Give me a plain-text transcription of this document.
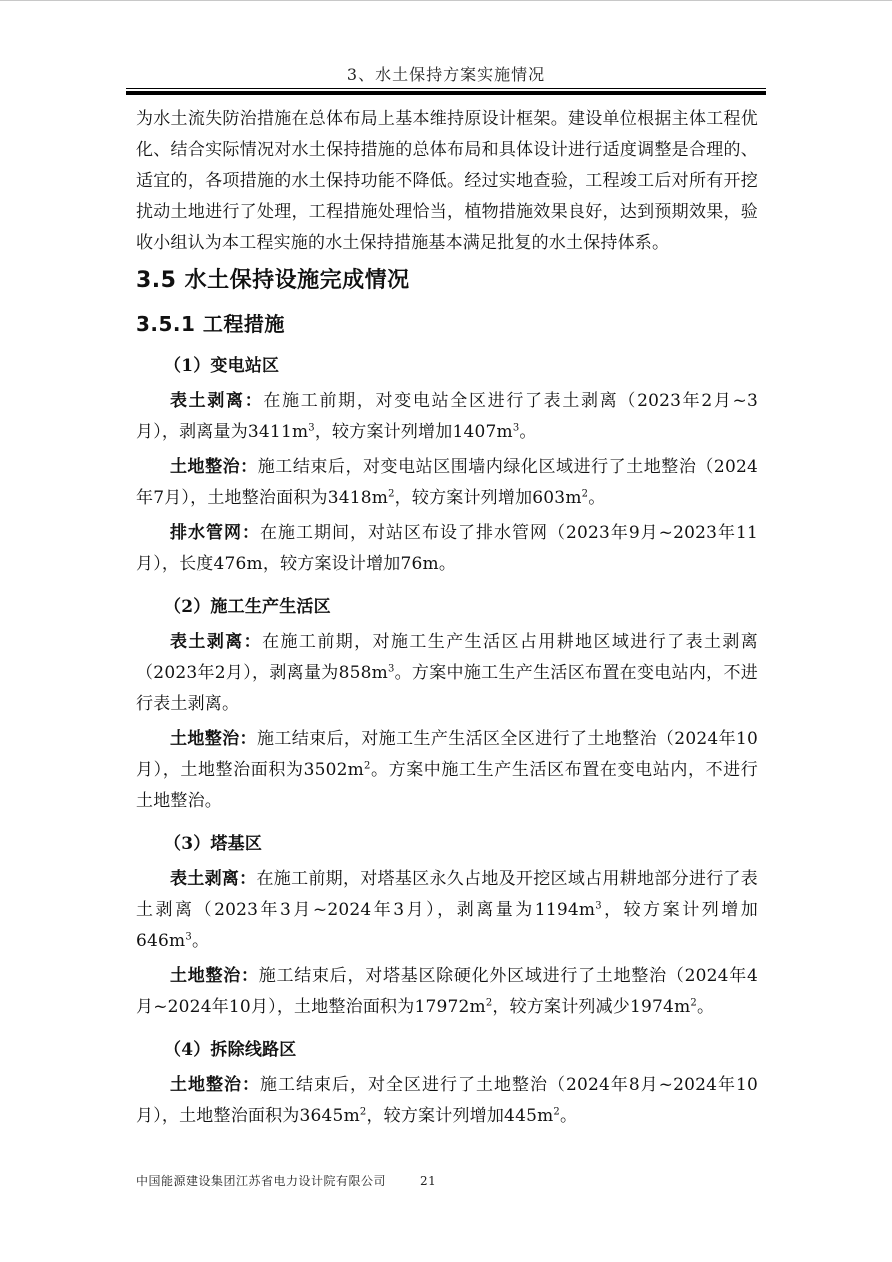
3、水土保持方案实施情况

为水土流失防治措施在总体布局上基本维持原设计框架。建设单位根据主体工程优化、结合实际情况对水土保持措施的总体布局和具体设计进行适度调整是合理的、适宜的，各项措施的水土保持功能不降低。经过实地查验，工程竣工后对所有开挖扰动土地进行了处理，工程措施处理恰当，植物措施效果良好，达到预期效果，验收小组认为本工程实施的水土保持措施基本满足批复的水土保持体系。

3.5 水土保持设施完成情况
3.5.1 工程措施

（1）变电站区

表土剥离：在施工前期，对变电站全区进行了表土剥离（2023年2月~3月），剥离量为$3411m^3$，较方案计列增加$1407m^3$。

土地整治：施工结束后，对变电站区围墙内绿化区域进行了土地整治（2024年7月），土地整治面积为$3418m^2$，较方案计列增加$603m^2$。

排水管网：在施工期间，对站区布设了排水管网（2023年9月~2023年11月），长度476m，较方案设计增加76m。

（2）施工生产生活区

表土剥离：在施工前期，对施工生产生活区占用耕地区域进行了表土剥离（2023年2月），剥离量为$858m^3$。方案中施工生产生活区布置在变电站内，不进行表土剥离。

土地整治：施工结束后，对施工生产生活区全区进行了土地整治（2024年10月），土地整治面积为$3502m^2$。方案中施工生产生活区布置在变电站内，不进行土地整治。

（3）塔基区

表土剥离：在施工前期，对塔基区永久占地及开挖区域占用耕地部分进行了表土剥离（2023年3月~2024年3月），剥离量为$1194m^3$，较方案计列增加$646m^3$。

土地整治：施工结束后，对塔基区除硬化外区域进行了土地整治（2024年4月~2024年10月），土地整治面积为$17972m^2$，较方案计列减少$1974m^2$。

（4）拆除线路区

土地整治：施工结束后，对全区进行了土地整治（2024年8月~2024年10月），土地整治面积为$3645m^2$，较方案计列增加$445m^2$。

中国能源建设集团江苏省电力设计院有限公司	21
